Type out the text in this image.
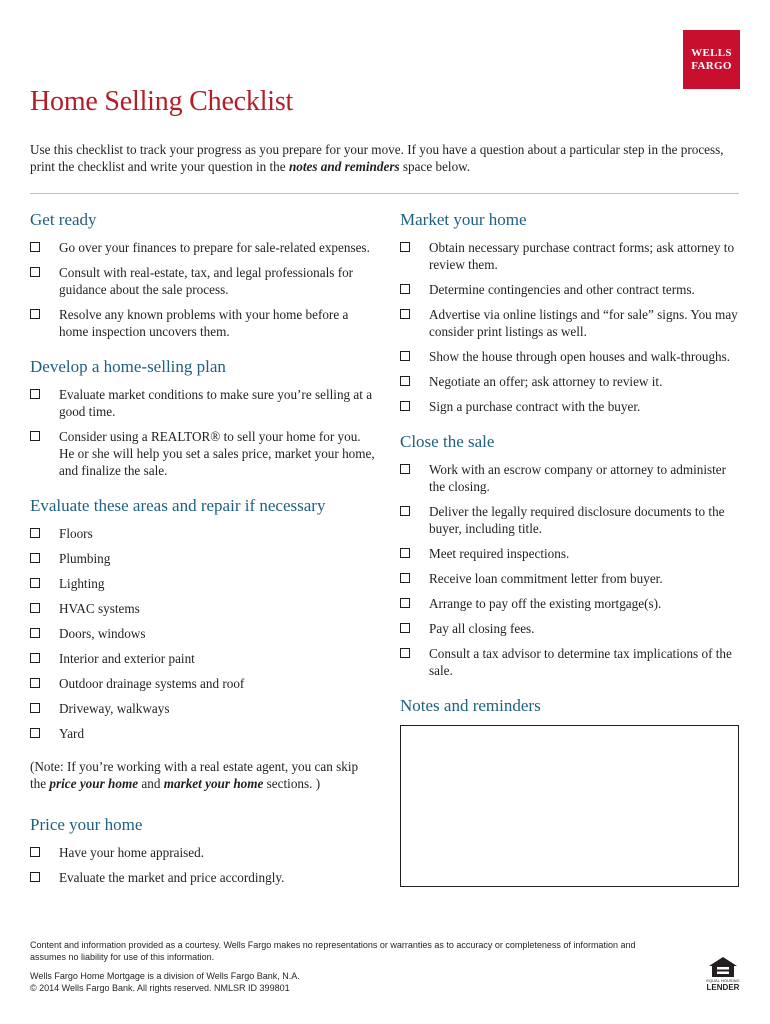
WELLS
FARGO
Home Selling Checklist

Use this checklist to track your progress as you prepare for your move. If you have a question about a particular step in the process, print the checklist and write your question in the notes and reminders space below.

Get ready
Go over your finances to prepare for sale-related expenses.
Consult with real-estate, tax, and legal professionals for guidance about the sale process.
Resolve any known problems with your home before a home inspection uncovers them.
Develop a home-selling plan
Evaluate market conditions to make sure you’re selling at a good time.
Consider using a REALTOR® to sell your home for you. He or she will help you set a sales price, market your home, and finalize the sale.
Evaluate these areas and repair if necessary
Floors
Plumbing
Lighting
HVAC systems
Doors, windows
Interior and exterior paint
Outdoor drainage systems and roof
Driveway, walkways
Yard

(Note: If you’re working with a real estate agent, you can skip the price your home and market your home sections. )

Price your home
Have your home appraised.
Evaluate the market and price accordingly.
Market your home
Obtain necessary purchase contract forms; ask attorney to review them.
Determine contingencies and other contract terms.
Advertise via online listings and “for sale” signs. You may consider print listings as well.
Show the house through open houses and walk-throughs.
Negotiate an offer; ask attorney to review it.
Sign a purchase contract with the buyer.
Close the sale
Work with an escrow company or attorney to administer the closing.
Deliver the legally required disclosure documents to the buyer, including title.
Meet required inspections.
Receive loan commitment letter from buyer.
Arrange to pay off the existing mortgage(s).
Pay all closing fees.
Consult a tax advisor to determine tax implications of the sale.
Notes and reminders

Content and information provided as a courtesy. Wells Fargo makes no representations or warranties as to accuracy or completeness of information and assumes no liability for use of this information.

Wells Fargo Home Mortgage is a division of Wells Fargo Bank, N.A.
© 2014 Wells Fargo Bank. All rights reserved. NMLSR ID 399801
EQUAL HOUSING
LENDER
